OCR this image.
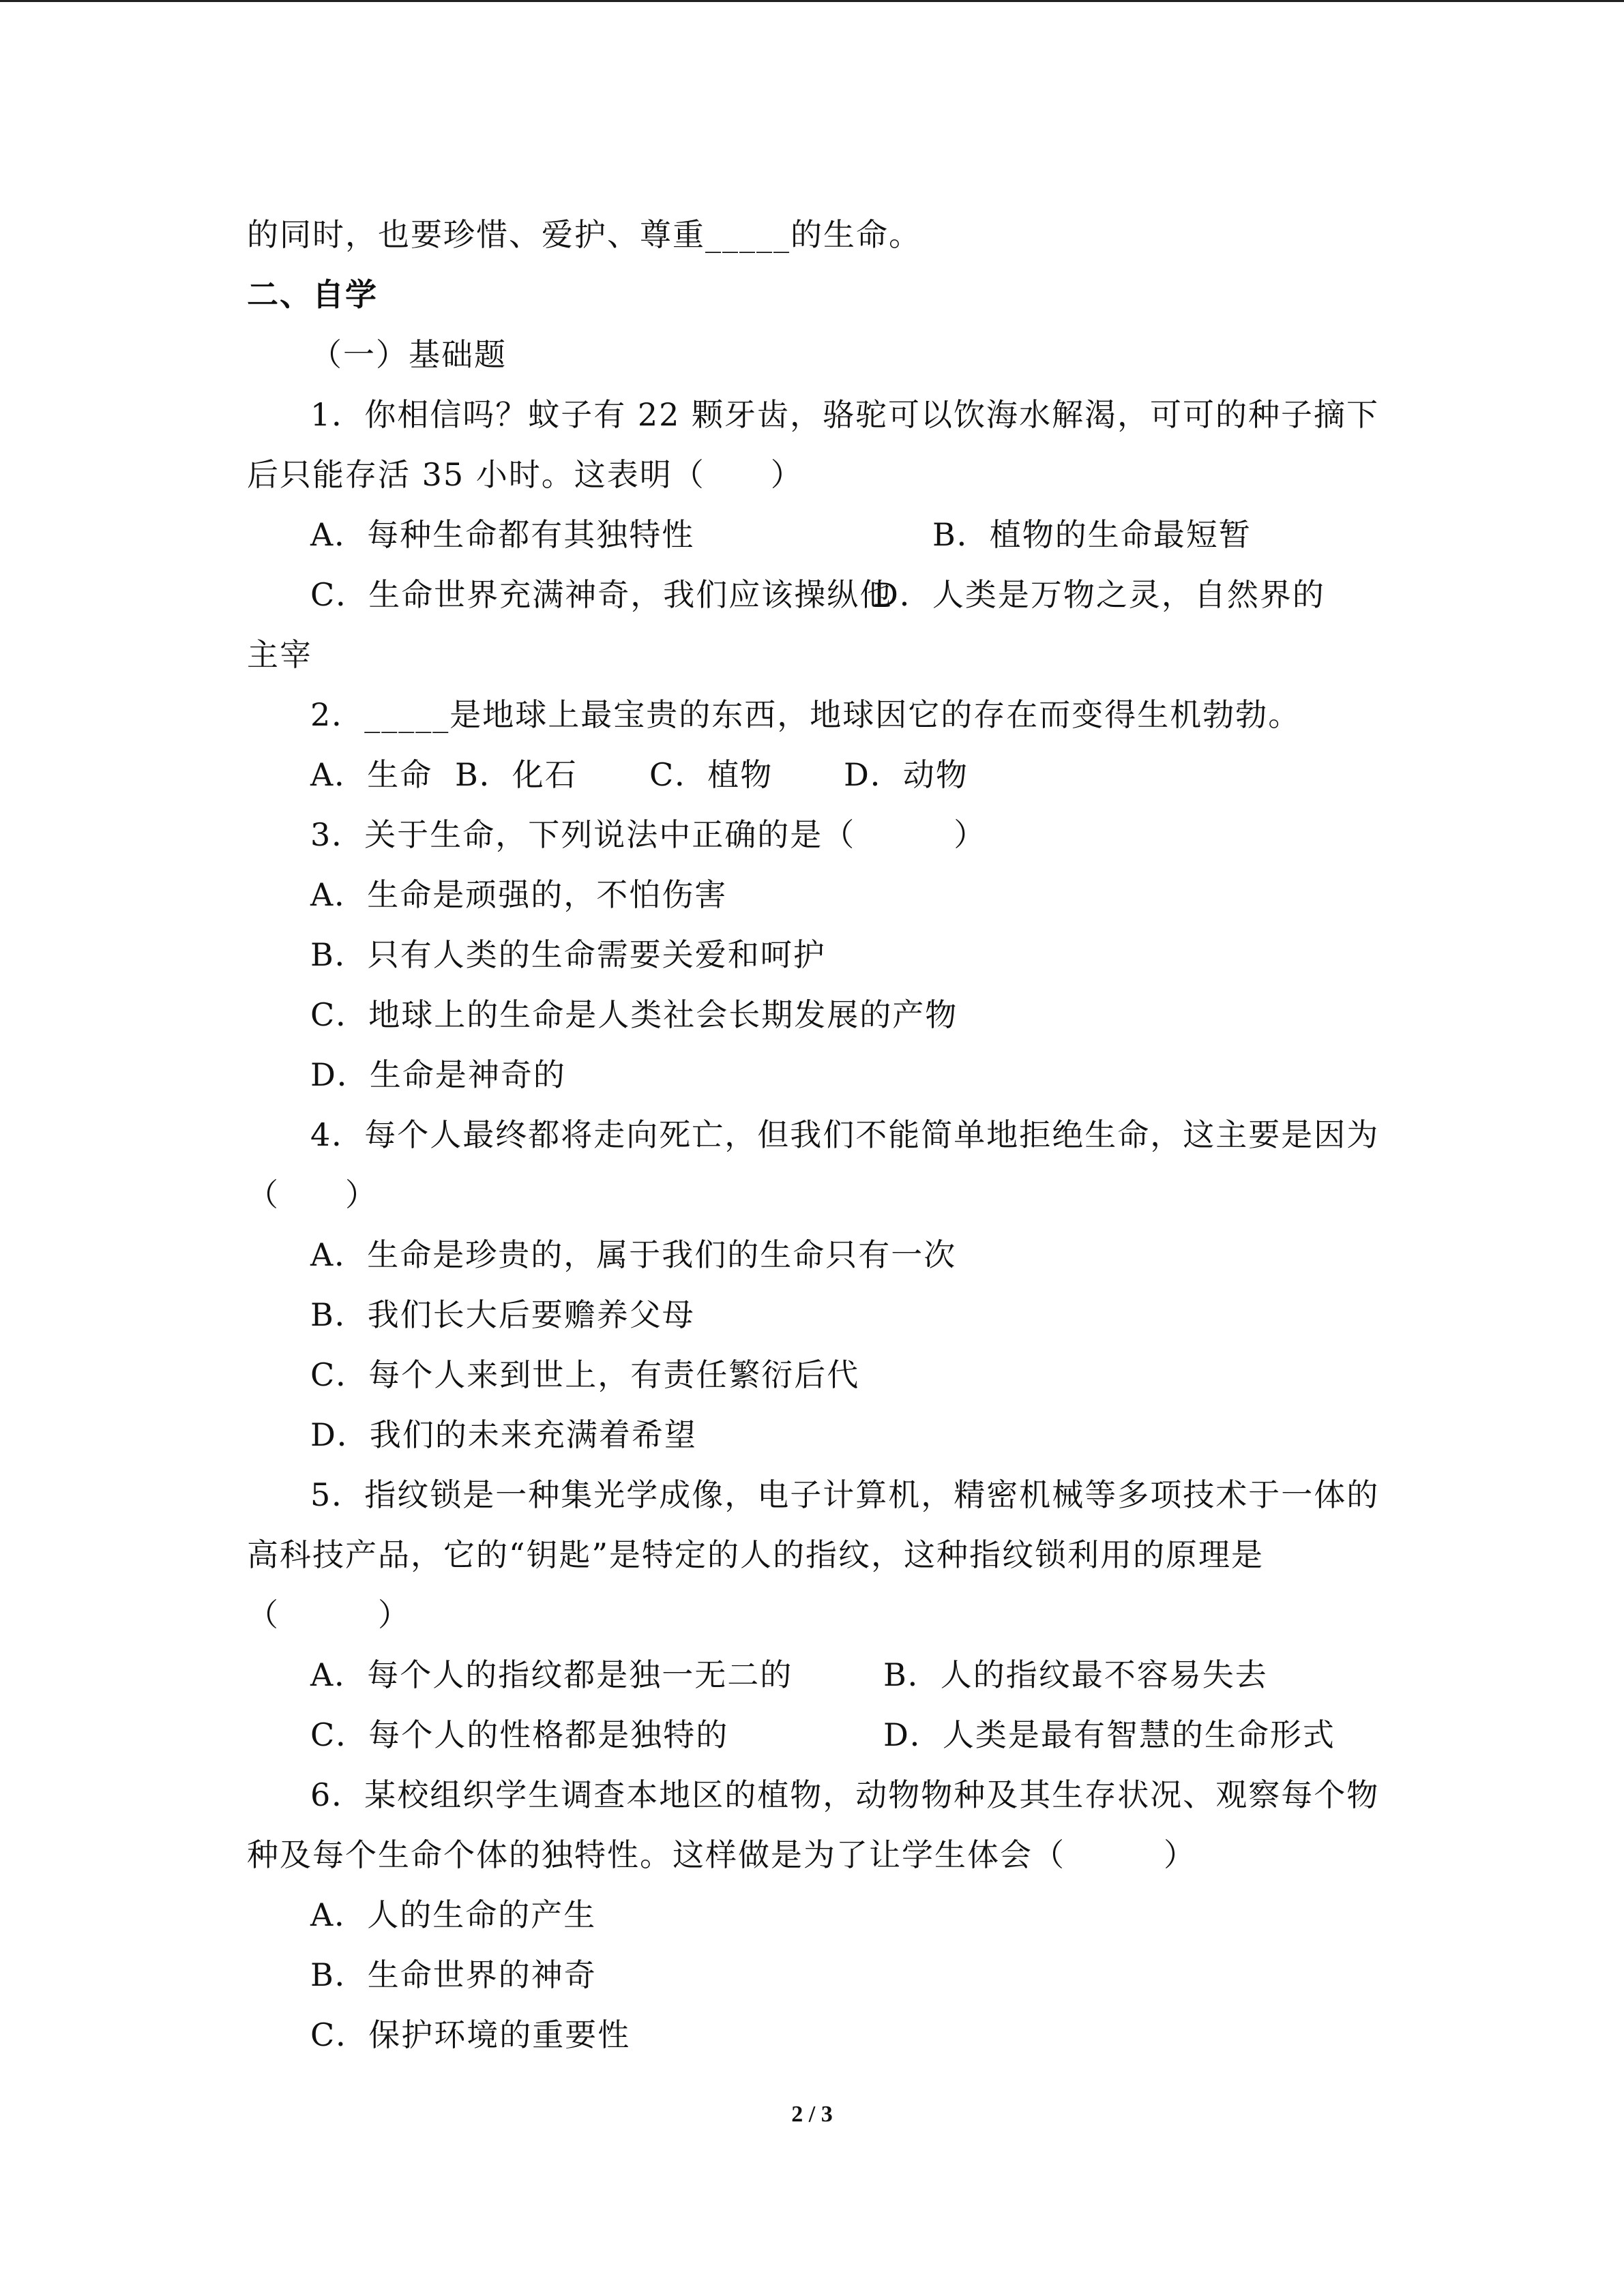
的同时，也要珍惜、爱护、尊重_____的生命。
二、自学
（一）基础题
1．你相信吗？蚊子有 22 颗牙齿，骆驼可以饮海水解渴，可可的种子摘下
后只能存活 35 小时。这表明（　　）
A．每种生命都有其独特性	B．植物的生命最短暂
C．生命世界充满神奇，我们应该操纵他
D．人类是万物之灵，自然界的
主宰
2．_____是地球上最宝贵的东西，地球因它的存在而变得生机勃勃。
A．生命 B．化石 C．植物 D．动物
3．关于生命，下列说法中正确的是（　　　）
A．生命是顽强的，不怕伤害
B．只有人类的生命需要关爱和呵护
C．地球上的生命是人类社会长期发展的产物
D．生命是神奇的
4．每个人最终都将走向死亡，但我们不能简单地拒绝生命，这主要是因为
（　　）
A．生命是珍贵的，属于我们的生命只有一次
B．我们长大后要赡养父母
C．每个人来到世上，有责任繁衍后代
D．我们的未来充满着希望
5．指纹锁是一种集光学成像，电子计算机，精密机械等多项技术于一体的
高科技产品，它的“钥匙”是特定的人的指纹，这种指纹锁利用的原理是
（　　　）
A．每个人的指纹都是独一无二的	B．人的指纹最不容易失去
C．每个人的性格都是独特的	D．人类是最有智慧的生命形式
6．某校组织学生调查本地区的植物，动物物种及其生存状况、观察每个物
种及每个生命个体的独特性。这样做是为了让学生体会（　　　）
A．人的生命的产生
B．生命世界的神奇
C．保护环境的重要性
2 / 3
